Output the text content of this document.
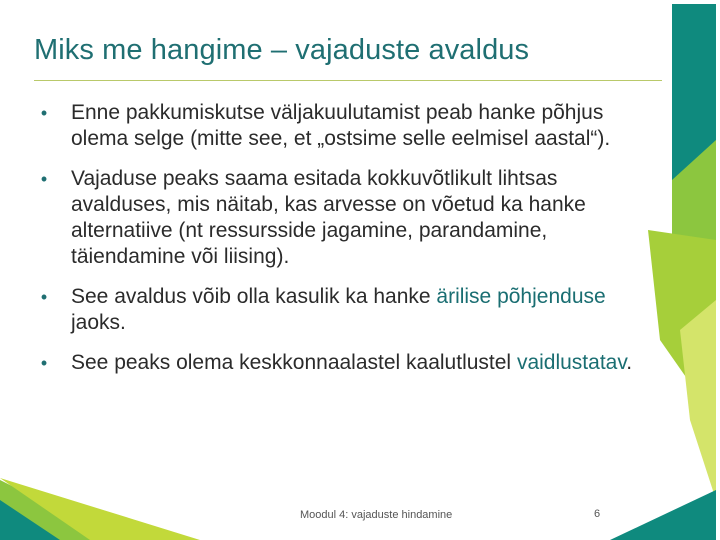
Miks me hangime – vajaduste avaldus
•	Enne pakkumiskutse väljakuulutamist peab hanke põhjus olema selge (mitte see, et „ostsime selle eelmisel aastal“).
•	Vajaduse peaks saama esitada kokkuvõtlikult lihtsas avalduses, mis näitab, kas arvesse on võetud ka hanke alternatiive (nt ressursside jagamine, parandamine, täiendamine või liising).
•	See avaldus võib olla kasulik ka hanke ärilise põhjenduse jaoks.
•	See peaks olema keskkonnaalastel kaalutlustel vaidlustatav.
Moodul 4: vajaduste hindamine	6
